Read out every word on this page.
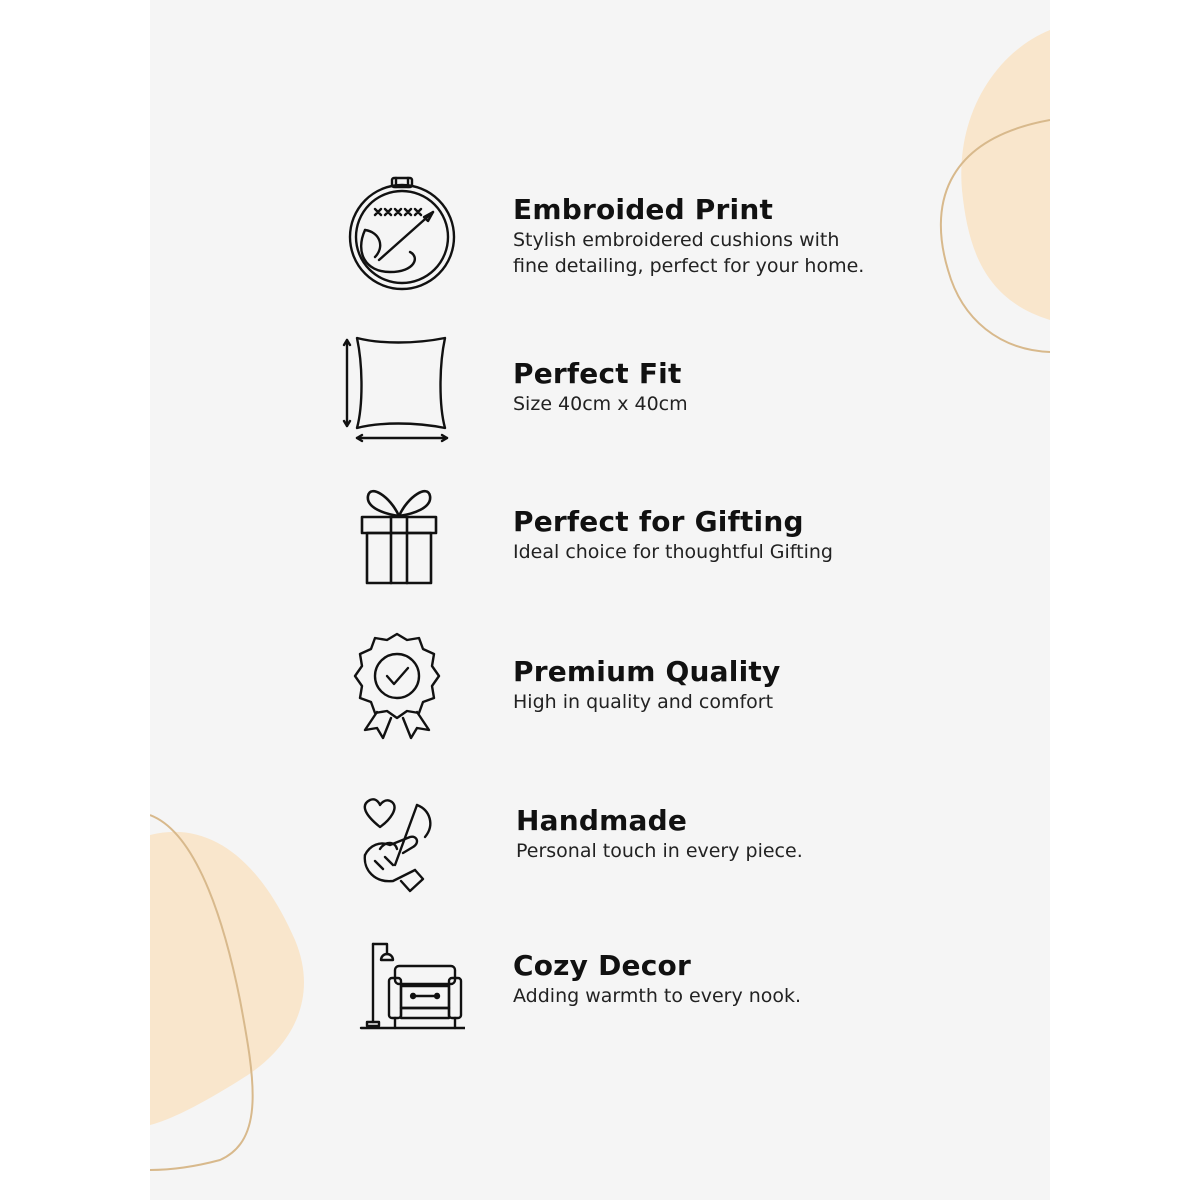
Embroided Print
Stylish embroidered cushions with
fine detailing, perfect for your home.
Perfect Fit
Size 40cm x 40cm
Perfect for Gifting
Ideal choice for thoughtful Gifting
Premium Quality
High in quality and comfort
Handmade
Personal touch in every piece.
Cozy Decor
Adding warmth to every nook.
